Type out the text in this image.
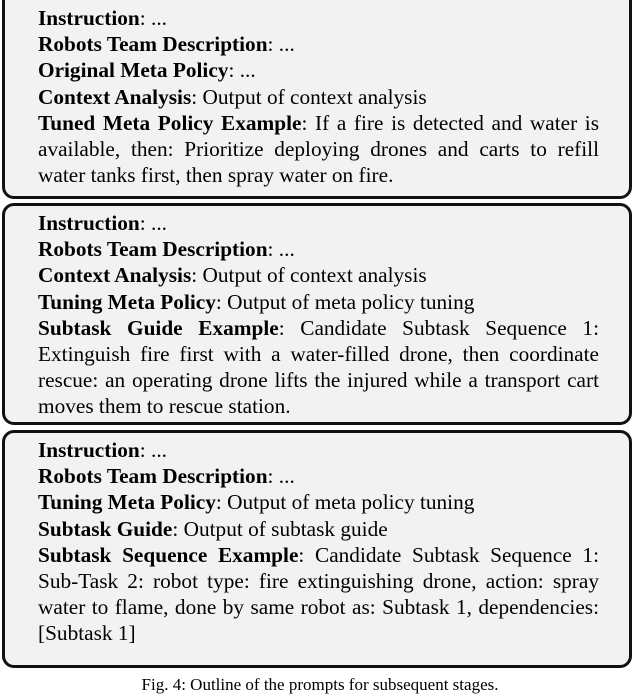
Instruction: ...
Robots Team Description: ...
Original Meta Policy: ...
Context Analysis: Output of context analysis
Tuned Meta Policy Example: If a fire is detected and water is available, then: Prioritize deploying drones and carts to refill water tanks first, then spray water on fire.
Instruction: ...
Robots Team Description: ...
Context Analysis: Output of context analysis
Tuning Meta Policy: Output of meta policy tuning
Subtask Guide Example: Candidate Subtask Sequence 1: Extinguish fire first with a water-filled drone, then coordinate rescue: an operating drone lifts the injured while a transport cart moves them to rescue station.
Instruction: ...
Robots Team Description: ...
Tuning Meta Policy: Output of meta policy tuning
Subtask Guide: Output of subtask guide
Subtask Sequence Example: Candidate Subtask Sequence 1: Sub-Task 2: robot type: fire extinguishing drone, action: spray water to flame, done by same robot as: Subtask 1, dependencies: [Subtask 1]
Fig. 4: Outline of the prompts for subsequent stages.
